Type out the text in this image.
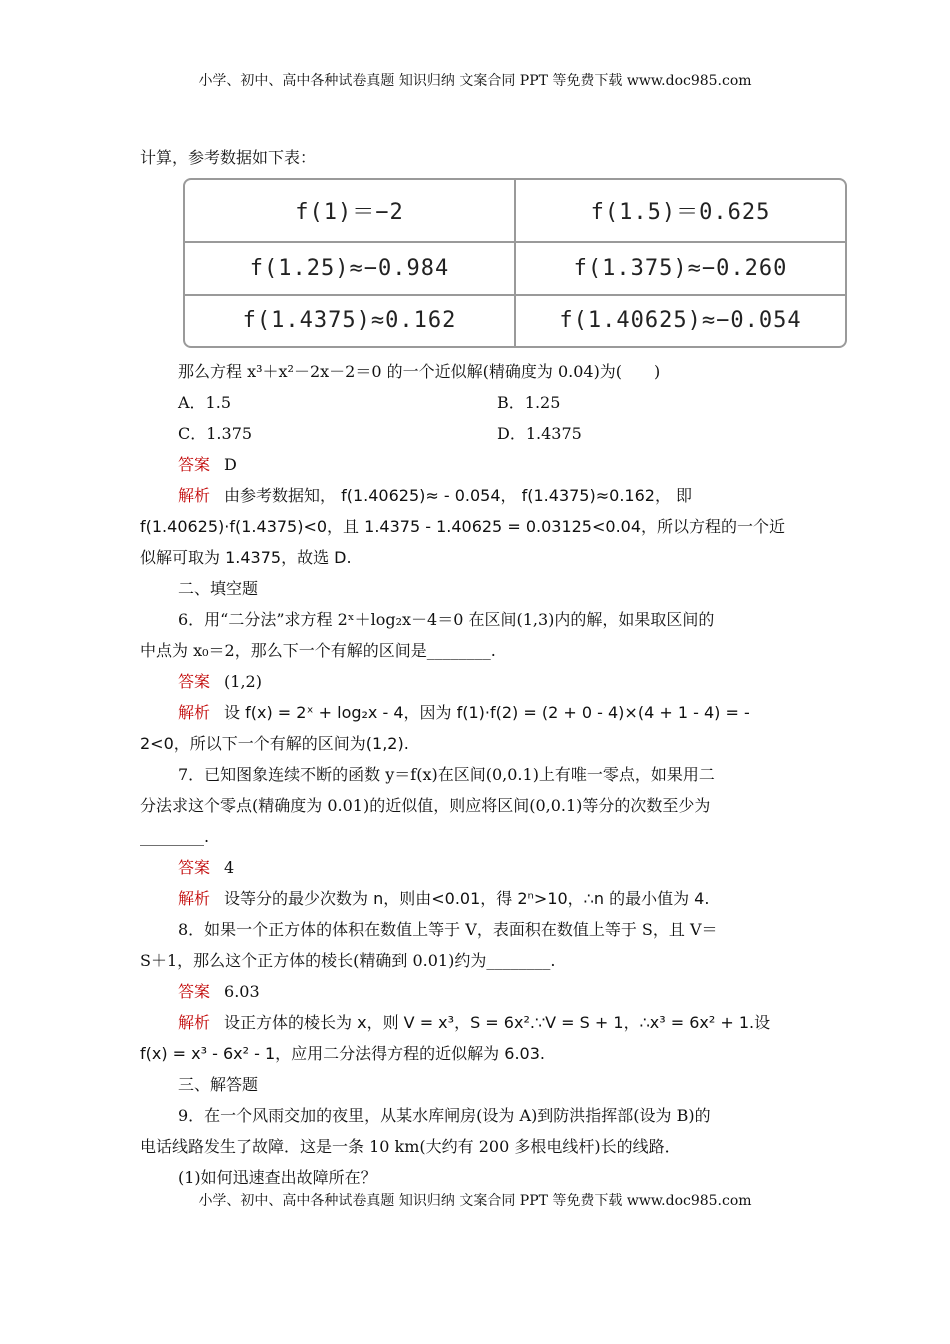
小学、初中、高中各种试卷真题 知识归纳 文案合同 PPT 等免费下载 www.doc985.com
计算，参考数据如下表：
f(1)＝−2	f(1.5)＝0.625
f(1.25)≈−0.984	f(1.375)≈−0.260
f(1.4375)≈0.162	f(1.40625)≈−0.054
那么方程 x³＋x²－2x－2＝0 的一个近似解(精确度为 0.04)为(　　)
A．1.5	B．1.25
C．1.375	D．1.4375
答案 D
解析 由参考数据知， f(1.40625)≈ - 0.054， f(1.4375)≈0.162， 即
f(1.40625)·f(1.4375)<0，且 1.4375 - 1.40625 = 0.03125<0.04，所以方程的一个近
似解可取为 1.4375，故选 D.
二、填空题
6．用“二分法”求方程 2ˣ＋log₂x－4＝0 在区间(1,3)内的解，如果取区间的
中点为 x₀＝2，那么下一个有解的区间是________.
答案 (1,2)
解析 设 f(x) = 2ˣ + log₂x - 4，因为 f(1)·f(2) = (2 + 0 - 4)×(4 + 1 - 4) = -
2<0，所以下一个有解的区间为(1,2).
7．已知图象连续不断的函数 y＝f(x)在区间(0,0.1)上有唯一零点，如果用二
分法求这个零点(精确度为 0.01)的近似值，则应将区间(0,0.1)等分的次数至少为
________.
答案 4
解析 设等分的最少次数为 n，则由<0.01，得 2ⁿ>10，∴n 的最小值为 4.
8．如果一个正方体的体积在数值上等于 V，表面积在数值上等于 S，且 V＝
S＋1，那么这个正方体的棱长(精确到 0.01)约为________.
答案 6.03
解析 设正方体的棱长为 x，则 V = x³，S = 6x².∵V = S + 1，∴x³ = 6x² + 1.设
f(x) = x³ - 6x² - 1，应用二分法得方程的近似解为 6.03.
三、解答题
9．在一个风雨交加的夜里，从某水库闸房(设为 A)到防洪指挥部(设为 B)的
电话线路发生了故障．这是一条 10 km(大约有 200 多根电线杆)长的线路．
(1)如何迅速查出故障所在？
小学、初中、高中各种试卷真题 知识归纳 文案合同 PPT 等免费下载 www.doc985.com
